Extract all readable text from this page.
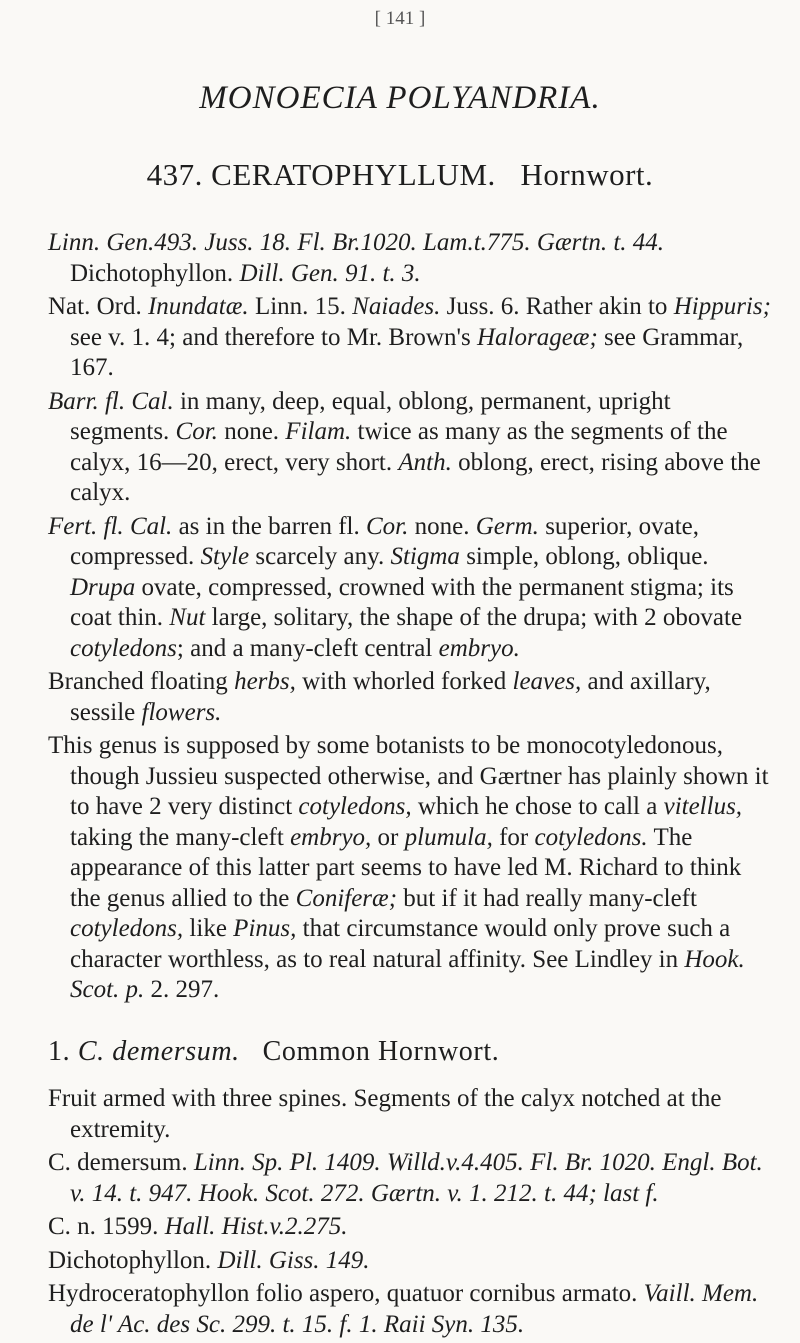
[ 141 ]
MONOECIA POLYANDRIA.
437. CERATOPHYLLUM. Hornwort.

Linn. Gen.493. Juss. 18. Fl. Br.1020. Lam.t.775. Gærtn. t. 44. Dichotophyllon. Dill. Gen. 91. t. 3.

Nat. Ord. Inundatæ. Linn. 15. Naiades. Juss. 6. Rather akin to Hippuris; see v. 1. 4; and therefore to Mr. Brown's Halorageæ; see Grammar, 167.

Barr. fl. Cal. in many, deep, equal, oblong, permanent, upright segments. Cor. none. Filam. twice as many as the segments of the calyx, 16—20, erect, very short. Anth. oblong, erect, rising above the calyx.

Fert. fl. Cal. as in the barren fl. Cor. none. Germ. superior, ovate, compressed. Style scarcely any. Stigma simple, oblong, oblique. Drupa ovate, compressed, crowned with the permanent stigma; its coat thin. Nut large, solitary, the shape of the drupa; with 2 obovate cotyledons; and a many-cleft central embryo.

Branched floating herbs, with whorled forked leaves, and axillary, sessile flowers.

This genus is supposed by some botanists to be monocotyledonous, though Jussieu suspected otherwise, and Gærtner has plainly shown it to have 2 very distinct cotyledons, which he chose to call a vitellus, taking the many-cleft embryo, or plumula, for cotyledons. The appearance of this latter part seems to have led M. Richard to think the genus allied to the Coniferæ; but if it had really many-cleft cotyledons, like Pinus, that circumstance would only prove such a character worthless, as to real natural affinity. See Lindley in Hook. Scot. p. 2. 297.

1. C. demersum. Common Hornwort.

Fruit armed with three spines. Segments of the calyx notched at the extremity.

C. demersum. Linn. Sp. Pl. 1409. Willd.v.4.405. Fl. Br. 1020. Engl. Bot. v. 14. t. 947. Hook. Scot. 272. Gærtn. v. 1. 212. t. 44; last f.

C. n. 1599. Hall. Hist.v.2.275.

Dichotophyllon. Dill. Giss. 149.

Hydroceratophyllon folio aspero, quatuor cornibus armato. Vaill. Mem. de l' Ac. des Sc. 299. t. 15. f. 1. Raii Syn. 135.
